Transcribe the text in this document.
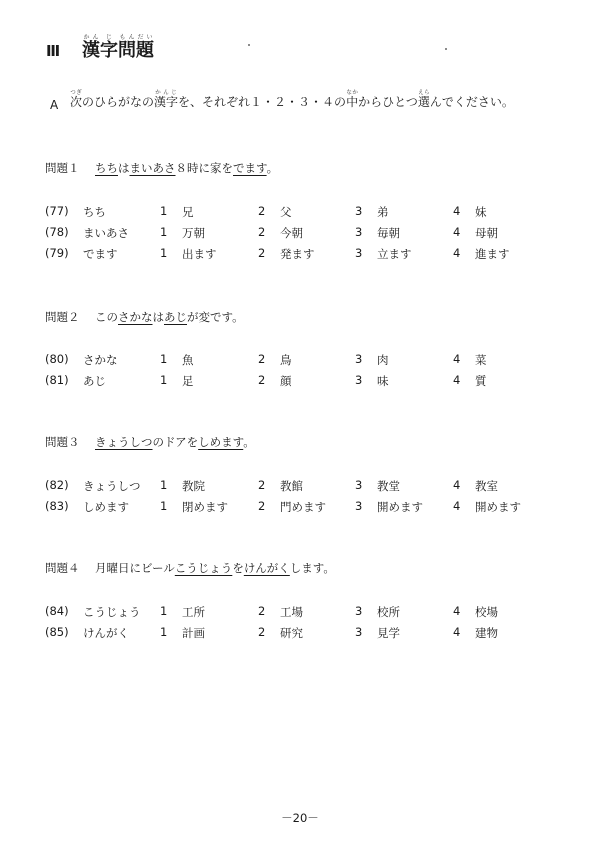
Ⅲ 漢かん字じ問もん題だい
A 次つぎのひらがなの漢字かんじを、それぞれ１・２・３・４の中なかからひとつ選えらんでください。
問題１ ちちはまいあさ８時に家をでます。
(77) ちち	1 兄	2 父	3 弟	4 妹
(78) まいあさ	1 万朝	2 今朝	3 毎朝	4 母朝
(79) でます	1 出ます	2 発ます	3 立ます	4 進ます
問題２ このさかなはあじが変です。
(80) さかな	1 魚	2 鳥	3 肉	4 菜
(81) あじ	1 足	2 顔	3 味	4 質
問題３ きょうしつのドアをしめます。
(82) きょうしつ 1 教院	2 教館	3 教堂	4 教室
(83) しめます	1 閉めます	2 門めます	3 開めます	4 開めます
問題４ 月曜日にビールこうじょうをけんがくします。
(84) こうじょう 1 工所	2 工場	3 校所	4 校場
(85) けんがく	1 計画	2 研究	3 見学	4 建物
－20－
